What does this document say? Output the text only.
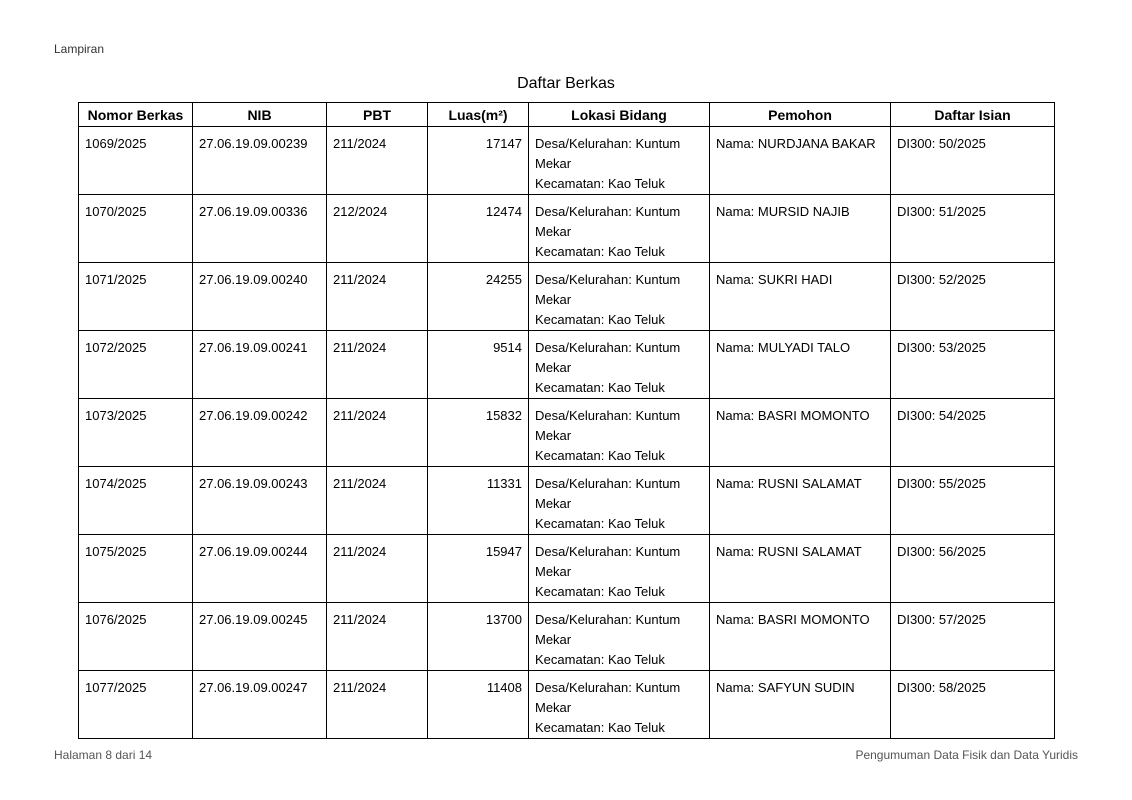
Lampiran
Daftar Berkas
Nomor Berkas	NIB	PBT	Luas(m²)	Lokasi Bidang	Pemohon	Daftar Isian
1069/2025	27.06.19.09.00239	211/2024	17147	Desa/Kelurahan: Kuntum
Mekar
Kecamatan: Kao Teluk	Nama: NURDJANA BAKAR	DI300: 50/2025
1070/2025	27.06.19.09.00336	212/2024	12474	Desa/Kelurahan: Kuntum
Mekar
Kecamatan: Kao Teluk	Nama: MURSID NAJIB	DI300: 51/2025
1071/2025	27.06.19.09.00240	211/2024	24255	Desa/Kelurahan: Kuntum
Mekar
Kecamatan: Kao Teluk	Nama: SUKRI HADI	DI300: 52/2025
1072/2025	27.06.19.09.00241	211/2024	9514	Desa/Kelurahan: Kuntum
Mekar
Kecamatan: Kao Teluk	Nama: MULYADI TALO	DI300: 53/2025
1073/2025	27.06.19.09.00242	211/2024	15832	Desa/Kelurahan: Kuntum
Mekar
Kecamatan: Kao Teluk	Nama: BASRI MOMONTO	DI300: 54/2025
1074/2025	27.06.19.09.00243	211/2024	11331	Desa/Kelurahan: Kuntum
Mekar
Kecamatan: Kao Teluk	Nama: RUSNI SALAMAT	DI300: 55/2025
1075/2025	27.06.19.09.00244	211/2024	15947	Desa/Kelurahan: Kuntum
Mekar
Kecamatan: Kao Teluk	Nama: RUSNI SALAMAT	DI300: 56/2025
1076/2025	27.06.19.09.00245	211/2024	13700	Desa/Kelurahan: Kuntum
Mekar
Kecamatan: Kao Teluk	Nama: BASRI MOMONTO	DI300: 57/2025
1077/2025	27.06.19.09.00247	211/2024	11408	Desa/Kelurahan: Kuntum
Mekar
Kecamatan: Kao Teluk	Nama: SAFYUN SUDIN	DI300: 58/2025
Halaman 8 dari 14	Pengumuman Data Fisik dan Data Yuridis
